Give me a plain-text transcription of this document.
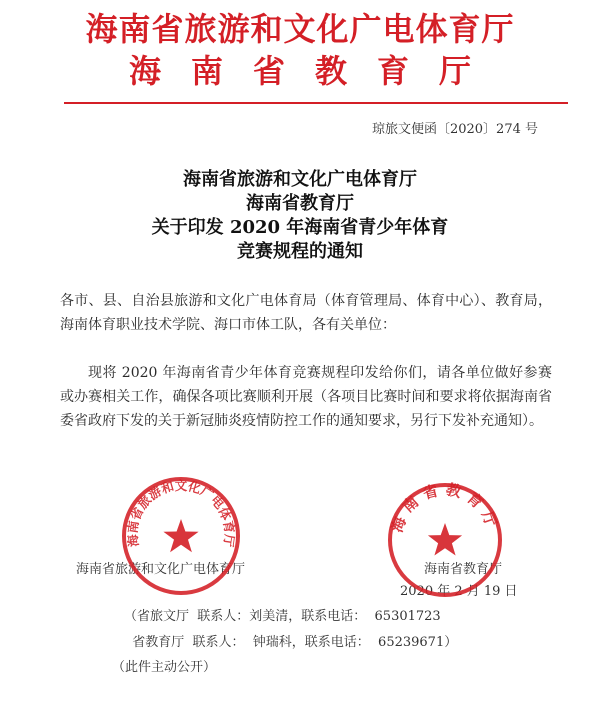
海南省旅游和文化广电体育厅
海南省教育厅
琼旅文便函〔2020〕274 号
海南省旅游和文化广电体育厅
海南省教育厅
关于印发 2020 年海南省青少年体育
竞赛规程的通知
各市、县、自治县旅游和文化广电体育局（体育管理局、体育中心）、教育局，海南体育职业技术学院、海口市体工队，各有关单位：
现将 2020 年海南省青少年体育竞赛规程印发给你们，请各单位做好参赛或办赛相关工作，确保各项比赛顺利开展（各项目比赛时间和要求将依据海南省委省政府下发的关于新冠肺炎疫情防控工作的通知要求，另行下发补充通知）。
海南省旅游和文化广电体育厅	海南省教育厅
2020 年 2 月 19 日
（省旅文厅  联系人：刘美清，联系电话：  65301723
省教育厅  联系人：  钟瑞科，联系电话：  65239671）
（此件主动公开）
海南省旅游和文化广电体育厅
海南省教育厅
